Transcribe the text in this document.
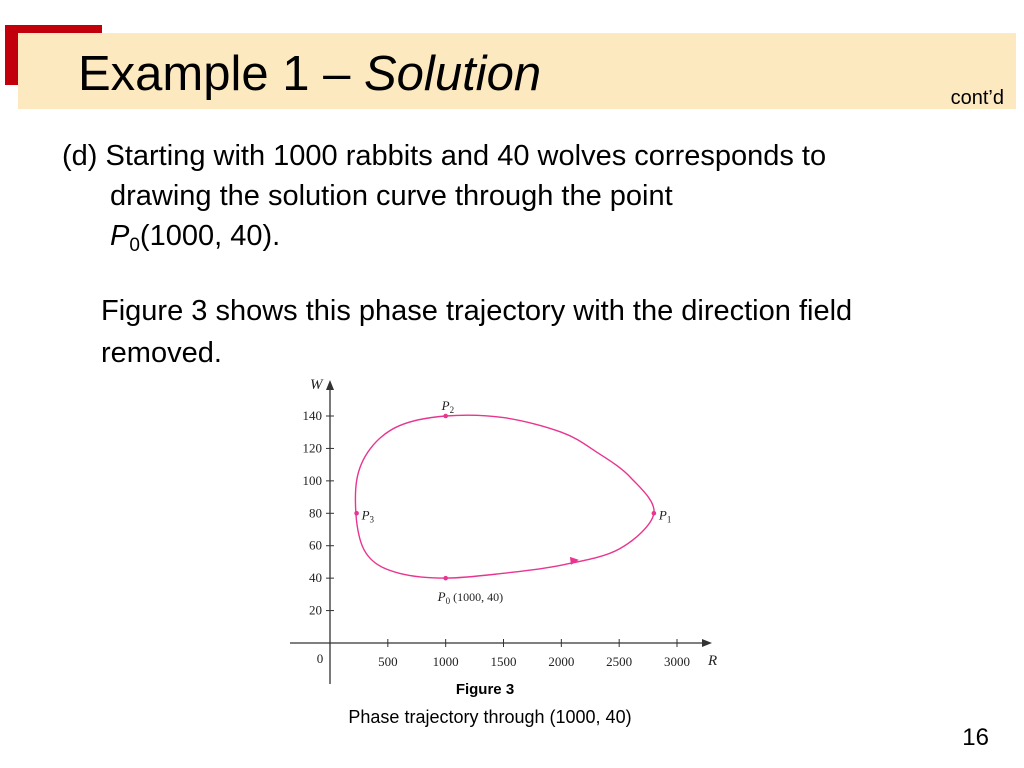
Example 1 – Solution	cont’d
(d) Starting with 1000 rabbits and 40 wolves corresponds to
drawing the solution curve through the point
$P_0(1000$, 40).
Figure 3 shows this phase trajectory with the direction field removed.
R
W
0	500	1000 1500 2000 2500 3000
20
40
60
80
100
120
140
$P_0$ (1000, 40)
$P_1$
$P_2$
$P_3$
Figure 3
Phase trajectory through (1000, 40)
16
